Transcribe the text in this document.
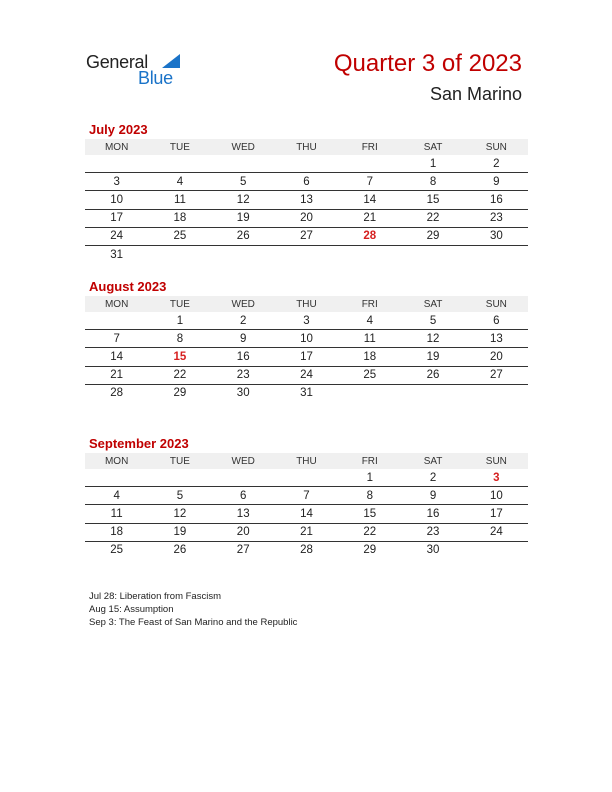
General
Blue
Quarter 3 of 2023
San Marino
July 2023
MON	TUE	WED	THU	FRI	SAT	SUN
					1	2
3	4	5	6	7	8	9
10	11	12	13	14	15	16
17	18	19	20	21	22	23
24	25	26	27	28	29	30
31						
August 2023
MON	TUE	WED	THU	FRI	SAT	SUN
	1	2	3	4	5	6
7	8	9	10	11	12	13
14	15	16	17	18	19	20
21	22	23	24	25	26	27
28	29	30	31			
September 2023
MON	TUE	WED	THU	FRI	SAT	SUN
				1	2	3
4	5	6	7	8	9	10
11	12	13	14	15	16	17
18	19	20	21	22	23	24
25	26	27	28	29	30	
Jul 28: Liberation from Fascism
Aug 15: Assumption
Sep 3: The Feast of San Marino and the Republic
